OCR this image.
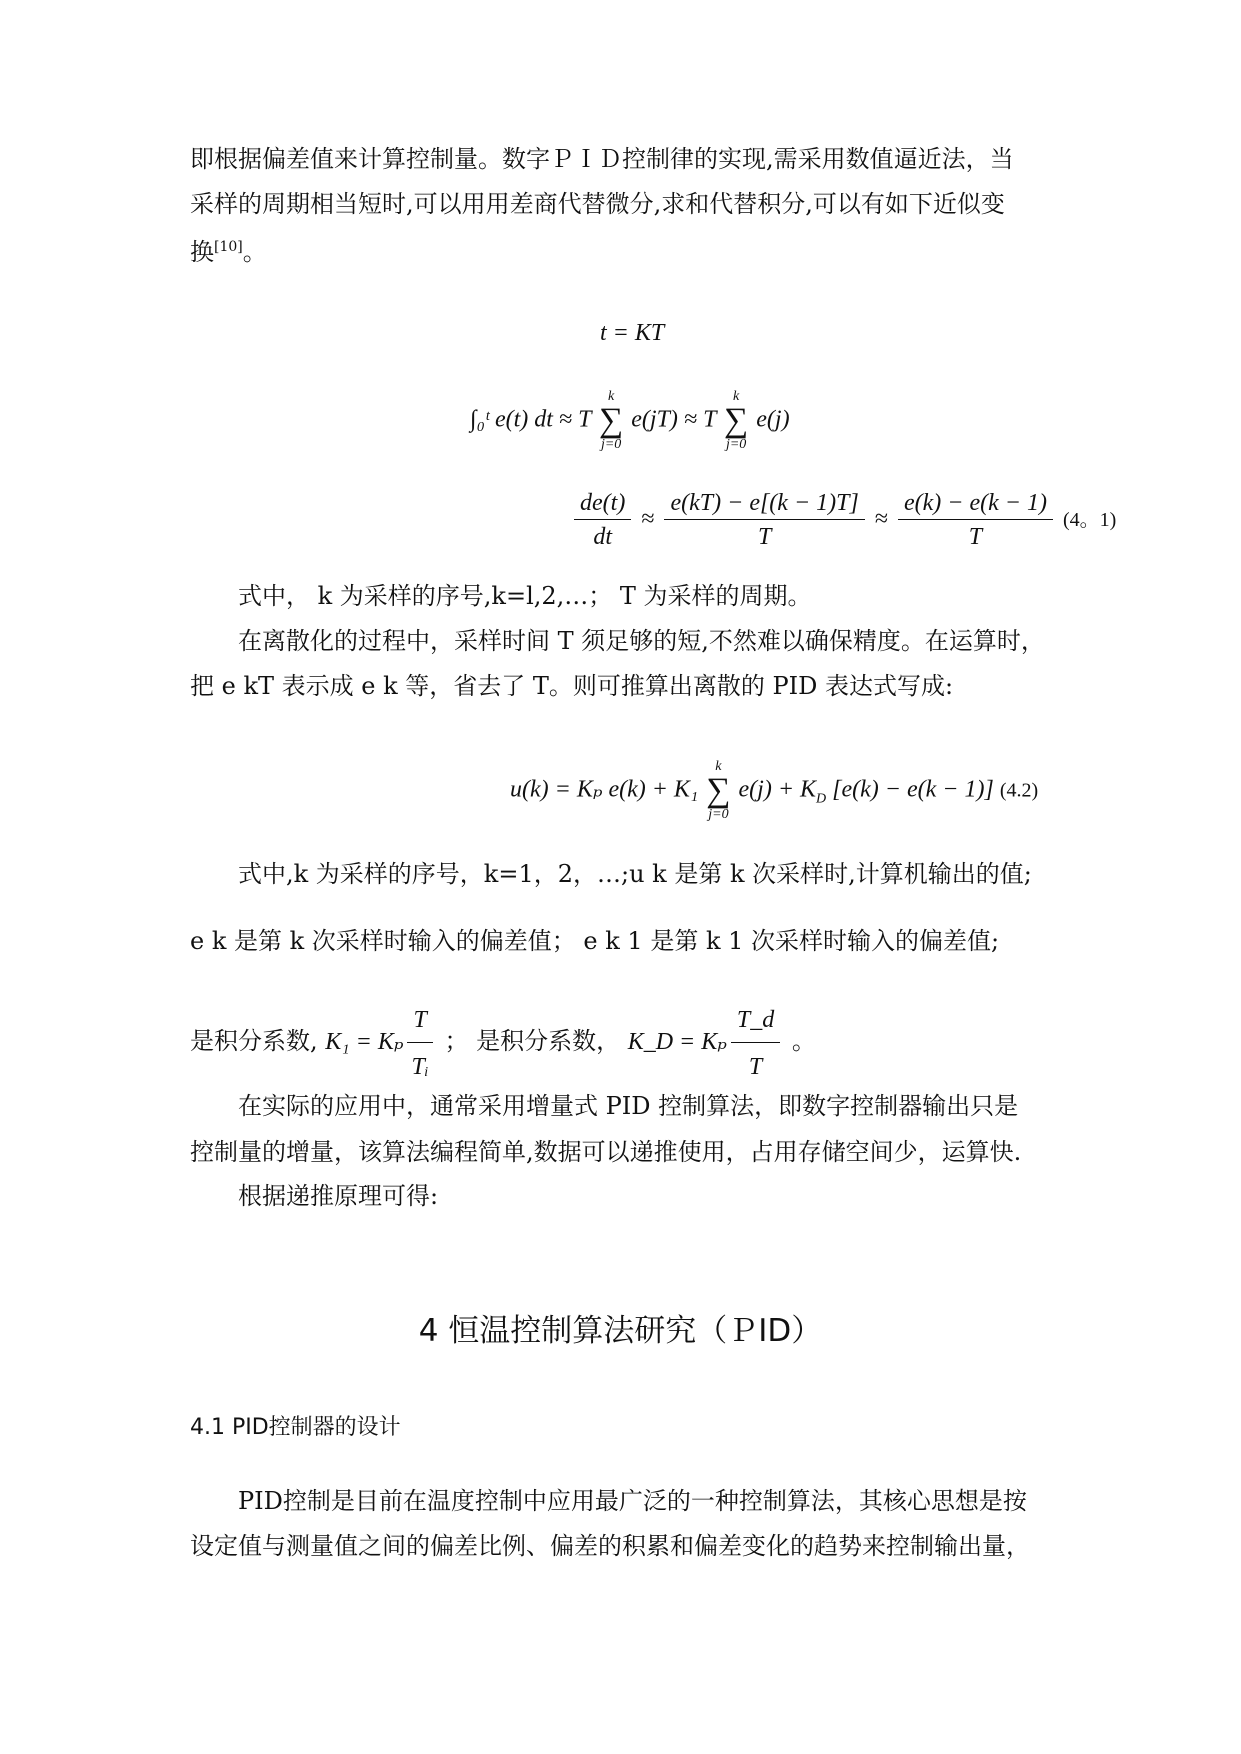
即根据偏差值来计算控制量。数字ＰＩＤ控制律的实现,需采用数值逼近法，当
采样的周期相当短时,可以用用差商代替微分,求和代替积分,可以有如下近似变
换[10]。
t = KT
∫₀ᵗ e(t) dt ≈ T
k
∑
j=0
e(jT) ≈ T
k
∑
j=0
e(j)
$\frac{de(t)}{dt} \approx \frac{e(kT) - e[(k - 1)T]}{T} \approx \frac{e(k) - e(k - 1)}{T} (4$。1)
式中， k 为采样的序号,k=l,2,…； T 为采样的周期。
在离散化的过程中，采样时间 T 须足够的短,不然难以确保精度。在运算时，
把 e kT 表示成 e k 等，省去了 T。则可推算出离散的 PID 表达式写成:
u(k) = Kₚ e(k) + K₁
k
∑
j=0
$e(j) + K_D$ [e(k) − e(k − 1)] (4.2)
式中,k 为采样的序号，k=1，2，…;u k 是第 k 次采样时,计算机输出的值;
e k 是第 k 次采样时输入的偏差值； e k 1 是第 k 1 次采样时输入的偏差值;
是积分系数, K₁ = Kₚ $\frac{T}{\text{Tᵢ}}$ ； 是积分系数， K_D = Kₚ $\frac{T\_d}{T}$ 。
在实际的应用中，通常采用增量式 PID 控制算法，即数字控制器输出只是
控制量的增量，该算法编程简单,数据可以递推使用，占用存储空间少，运算快.
根据递推原理可得:
4 恒温控制算法研究（ＰID）
4.1 PID控制器的设计
PID控制是目前在温度控制中应用最广泛的一种控制算法，其核心思想是按
设定值与测量值之间的偏差比例、偏差的积累和偏差变化的趋势来控制输出量，
